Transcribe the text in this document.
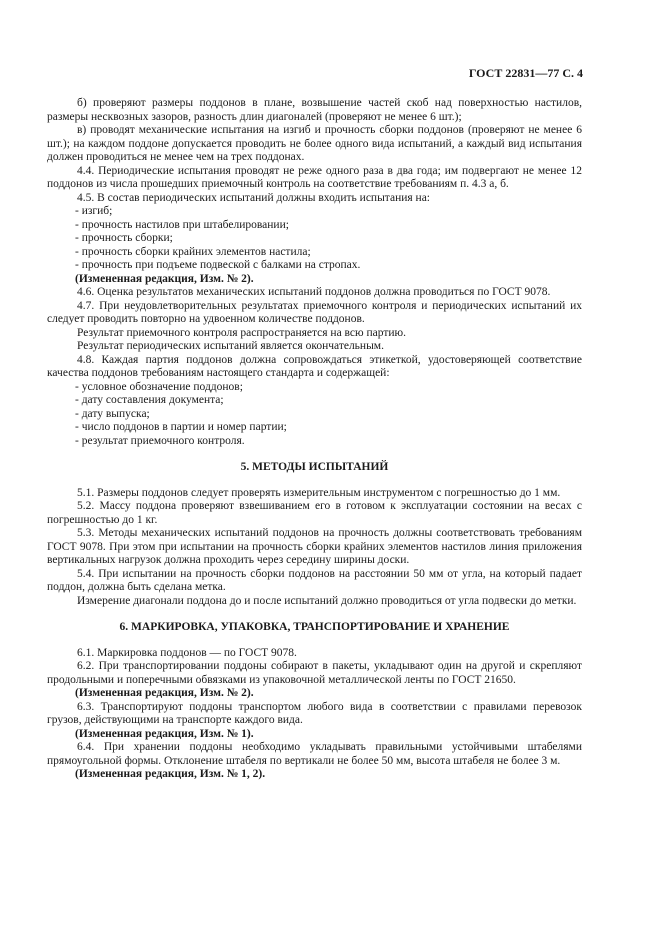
ГОСТ 22831—77 С. 4

б) проверяют размеры поддонов в плане, возвышение частей скоб над поверхностью настилов, размеры несквозных зазоров, разность длин диагоналей (проверяют не менее 6 шт.);

в) проводят механические испытания на изгиб и прочность сборки поддонов (проверяют не менее 6 шт.); на каждом поддоне допускается проводить не более одного вида испытаний, а каждый вид испытания должен проводиться не менее чем на трех поддонах.

4.4. Периодические испытания проводят не реже одного раза в два года; им подвергают не менее 12 поддонов из числа прошедших приемочный контроль на соответствие требованиям п. 4.3 а, б.

4.5. В состав периодических испытаний должны входить испытания на:

- изгиб;

- прочность настилов при штабелировании;

- прочность сборки;

- прочность сборки крайних элементов настила;

- прочность при подъеме подвеской с балками на стропах.

(Измененная редакция, Изм. № 2).

4.6. Оценка результатов механических испытаний поддонов должна проводиться по ГОСТ 9078.

4.7. При неудовлетворительных результатах приемочного контроля и периодических испытаний их следует проводить повторно на удвоенном количестве поддонов.

Результат приемочного контроля распространяется на всю партию.

Результат периодических испытаний является окончательным.

4.8. Каждая партия поддонов должна сопровождаться этикеткой, удостоверяющей соответствие качества поддонов требованиям настоящего стандарта и содержащей:

- условное обозначение поддонов;

- дату составления документа;

- дату выпуска;

- число поддонов в партии и номер партии;

- результат приемочного контроля.

5. МЕТОДЫ ИСПЫТАНИЙ

5.1. Размеры поддонов следует проверять измерительным инструментом с погрешностью до 1 мм.

5.2. Массу поддона проверяют взвешиванием его в готовом к эксплуатации состоянии на весах с погрешностью до 1 кг.

5.3. Методы механических испытаний поддонов на прочность должны соответствовать требованиям ГОСТ 9078. При этом при испытании на прочность сборки крайних элементов настилов линия приложения вертикальных нагрузок должна проходить через середину ширины доски.

5.4. При испытании на прочность сборки поддонов на расстоянии 50 мм от угла, на который падает поддон, должна быть сделана метка.

Измерение диагонали поддона до и после испытаний должно проводиться от угла подвески до метки.

6. МАРКИРОВКА, УПАКОВКА, ТРАНСПОРТИРОВАНИЕ И ХРАНЕНИЕ

6.1. Маркировка поддонов — по ГОСТ 9078.

6.2. При транспортировании поддоны собирают в пакеты, укладывают один на другой и скрепляют продольными и поперечными обвязками из упаковочной металлической ленты по ГОСТ 21650.

(Измененная редакция, Изм. № 2).

6.3. Транспортируют поддоны транспортом любого вида в соответствии с правилами перевозок грузов, действующими на транспорте каждого вида.

(Измененная редакция, Изм. № 1).

6.4. При хранении поддоны необходимо укладывать правильными устойчивыми штабелями прямоугольной формы. Отклонение штабеля по вертикали не более 50 мм, высота штабеля не более 3 м.

(Измененная редакция, Изм. № 1, 2).
